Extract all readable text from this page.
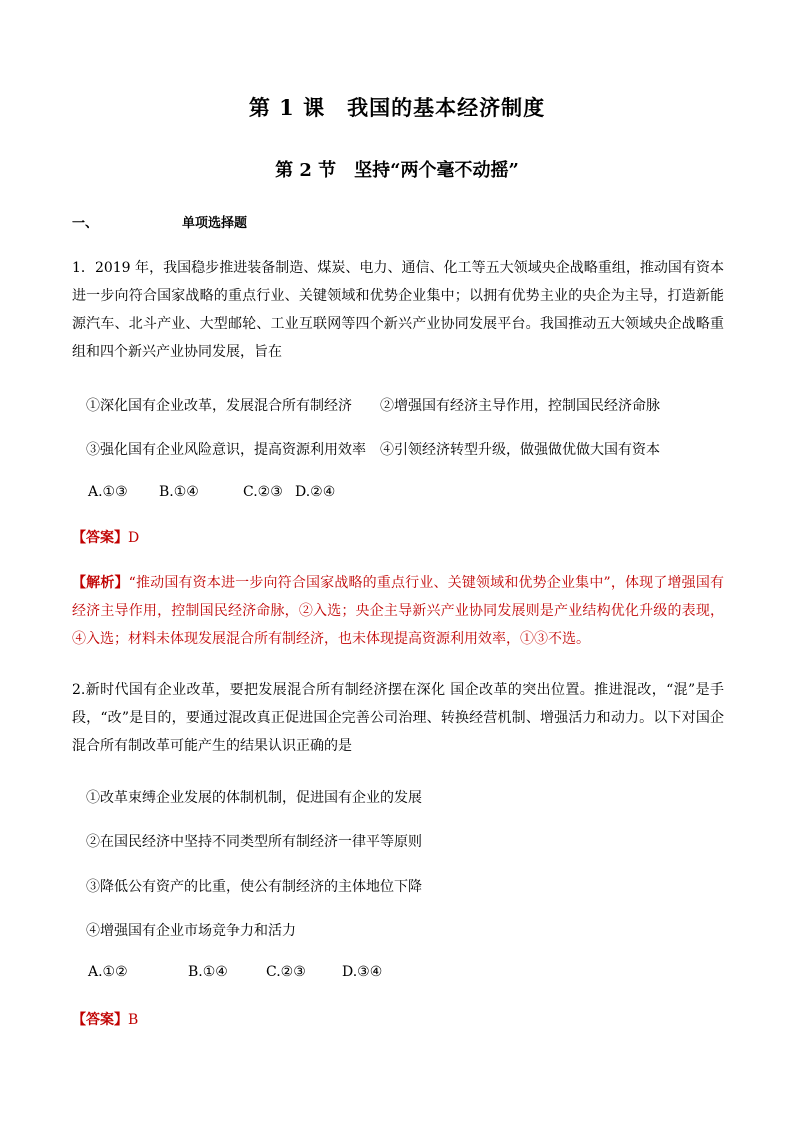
第 1 课　我国的基本经济制度
第 2 节　坚持“两个毫不动摇”
一、	单项选择题
1．2019 年，我国稳步推进装备制造、煤炭、电力、通信、化工等五大领域央企战略重组，推动国有资本进一步向符合国家战略的重点行业、关键领域和优势企业集中；以拥有优势主业的央企为主导，打造新能源汽车、北斗产业、大型邮轮、工业互联网等四个新兴产业协同发展平台。我国推动五大领域央企战略重组和四个新兴产业协同发展，旨在
①深化国有企业改革，发展混合所有制经济 ②增强国有经济主导作用，控制国民经济命脉
③强化国有企业风险意识，提高资源利用效率 ④引领经济转型升级，做强做优做大国有资本
A.①③ B.①④	C.②③ D.②④
【答案】D
【解析】“推动国有资本进一步向符合国家战略的重点行业、关键领域和优势企业集中”，体现了增强国有经济主导作用，控制国民经济命脉，②入选；央企主导新兴产业协同发展则是产业结构优化升级的表现，④入选；材料未体现发展混合所有制经济，也未体现提高资源利用效率，①③不选。
2.新时代国有企业改革，要把发展混合所有制经济摆在深化 国企改革的突出位置。推进混改，“混”是手段，“改”是目的，要通过混改真正促进国企完善公司治理、转换经营机制、增强活力和动力。以下对国企混合所有制改革可能产生的结果认识正确的是
①改革束缚企业发展的体制机制，促进国有企业的发展
②在国民经济中坚持不同类型所有制经济一律平等原则
③降低公有资产的比重，使公有制经济的主体地位下降
④增强国有企业市场竞争力和活力
A.①②	B.①④	C.②③	D.③④
【答案】B
